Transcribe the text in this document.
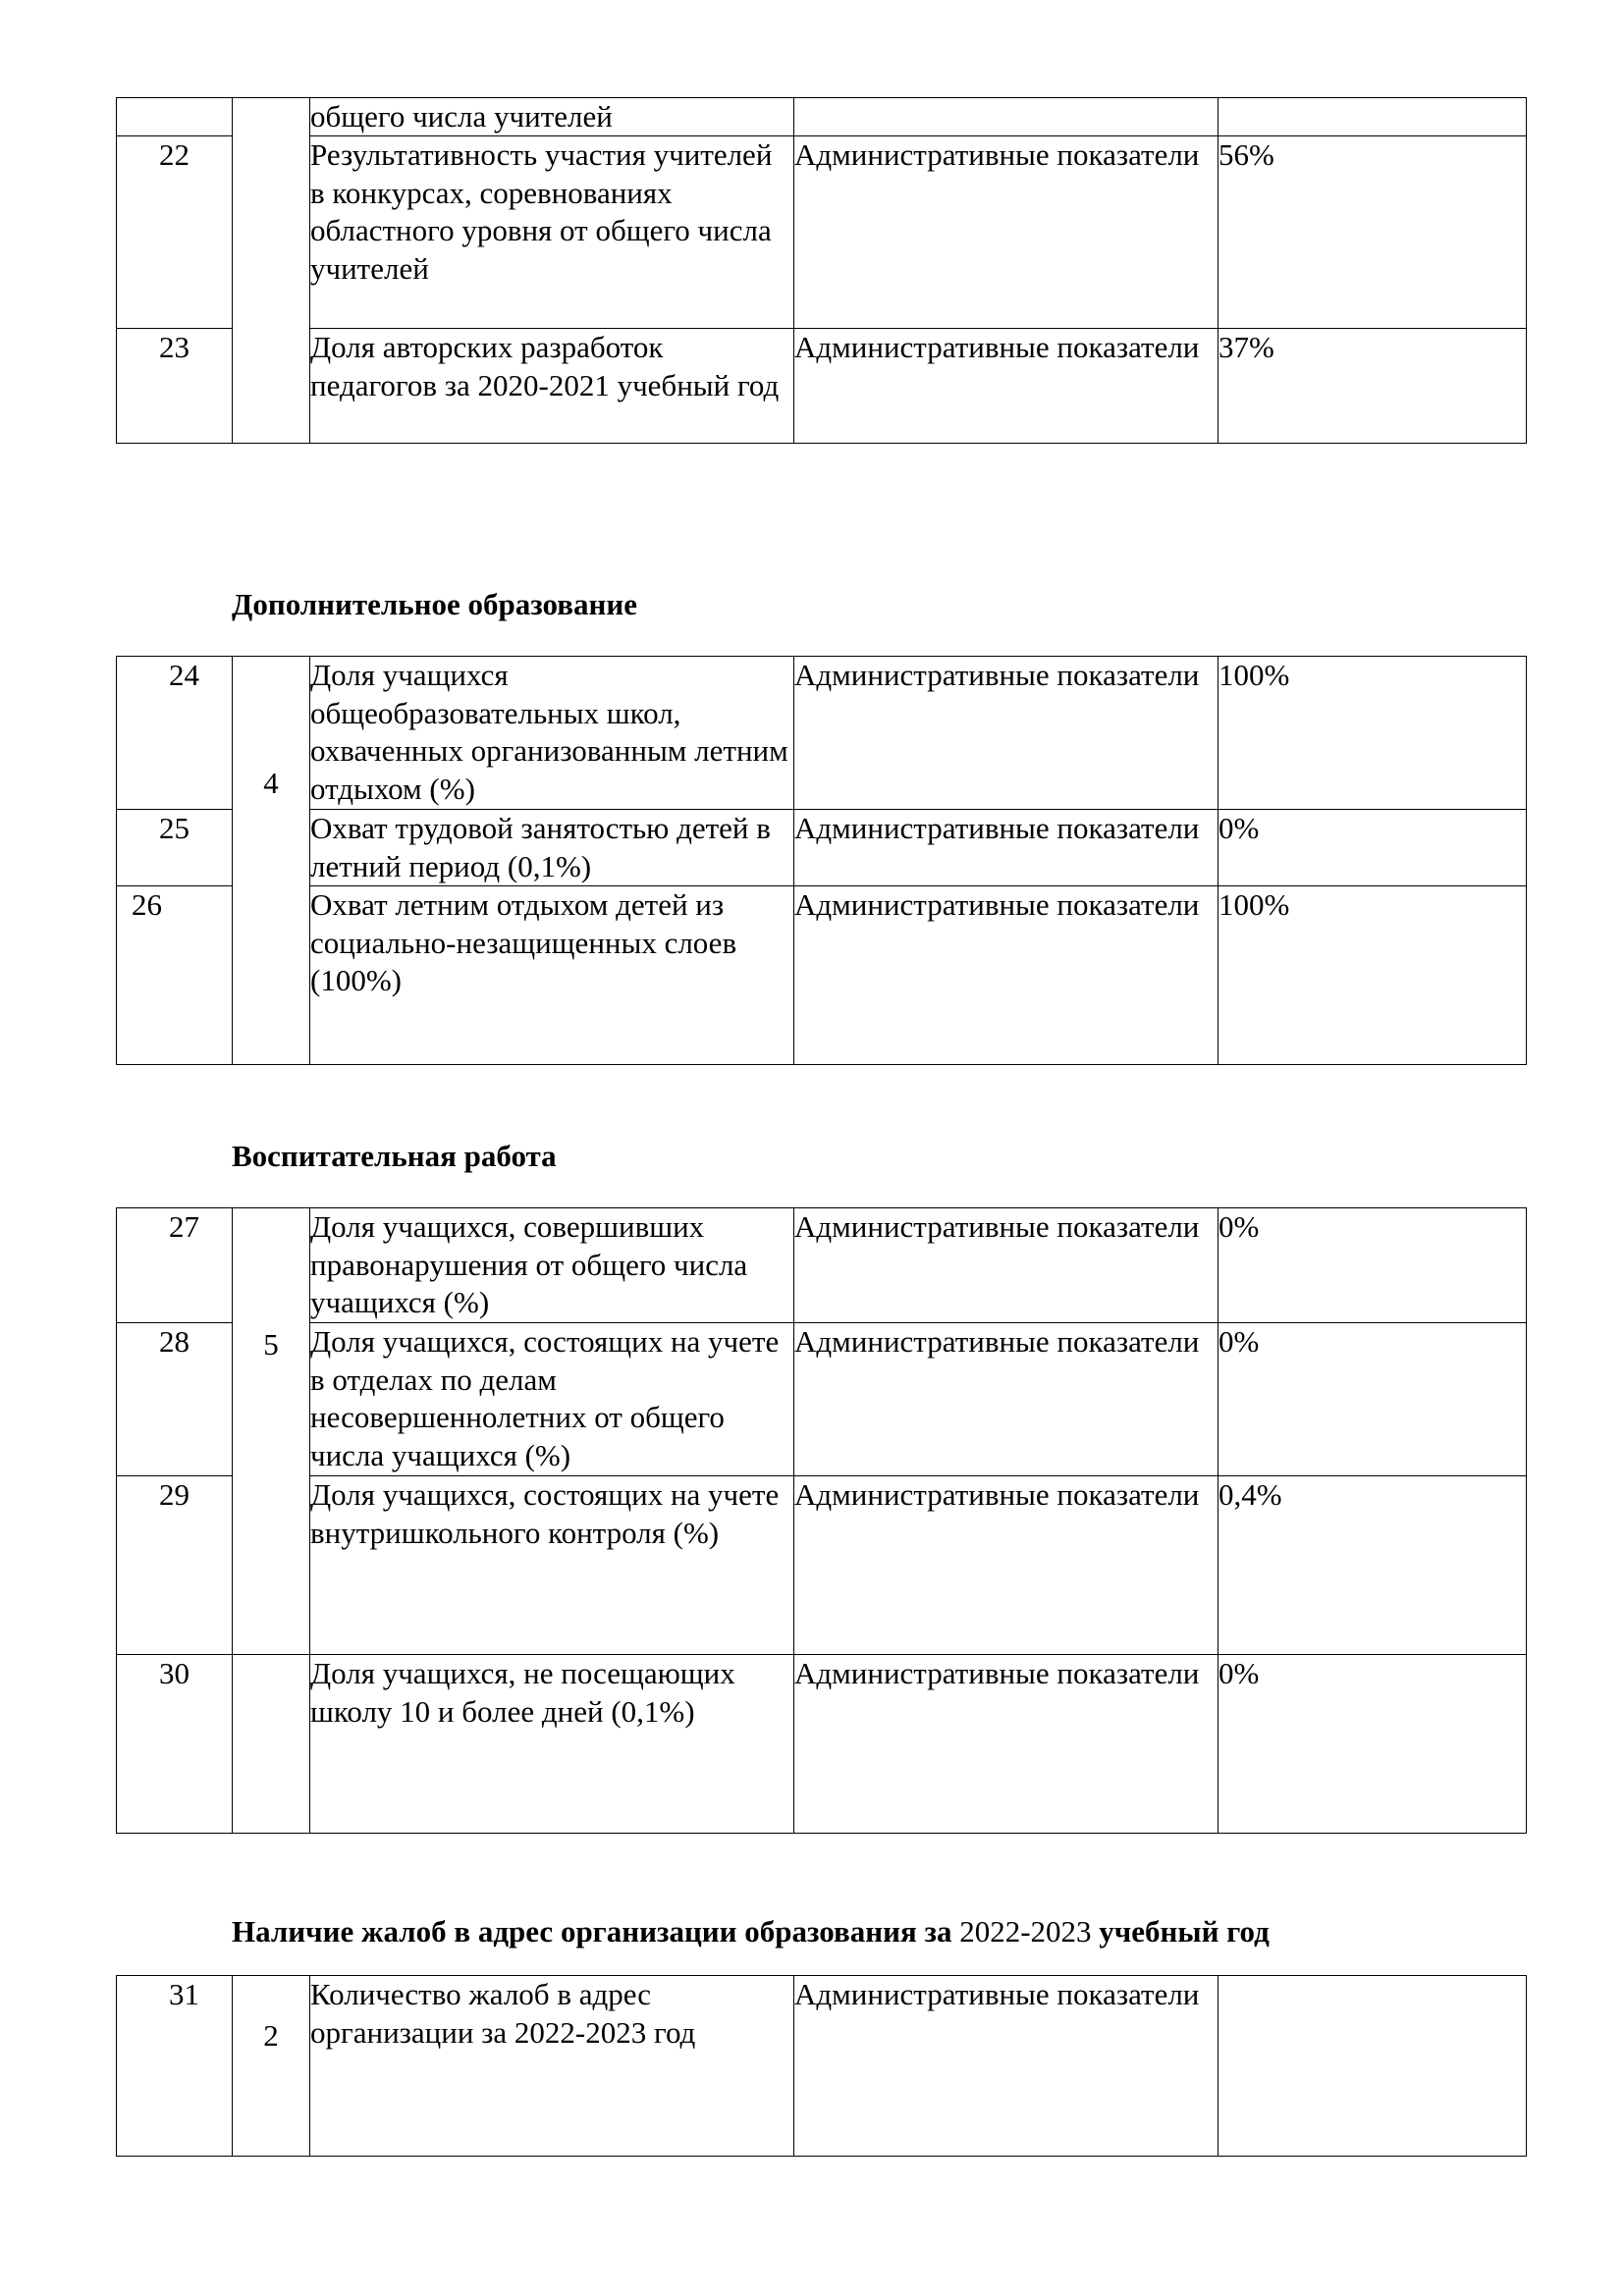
		общего числа учителей		
22		Результативность участия учителей в конкурсах, соревнованиях областного уровня от общего числа учителей	Административные показатели	56%
23		Доля авторских разработок педагогов за 2020-2021 учебный год	Административные показатели	37%
Дополнительное образование
24	4	Доля учащихся общеобразовательных школ, охваченных организованным летним отдыхом (%)	Административные показатели	100%
25		Охват трудовой занятостью детей в летний период (0,1%)	Административные показатели	0%
26		Охват летним отдыхом детей из социально-незащищенных слоев (100%)	Административные показатели	100%
Воспитательная работа
27	5	Доля учащихся, совершивших правонарушения от общего числа учащихся (%)	Административные показатели	0%
28		Доля учащихся, состоящих на учете в отделах по делам несовершеннолетних от общего числа учащихся (%)	Административные показатели	0%
29		Доля учащихся, состоящих на учете внутришкольного контроля (%)	Административные показатели	0,4%
30		Доля учащихся, не посещающих школу 10 и более дней (0,1%)	Административные показатели	0%
Наличие жалоб в адрес организации образования за 2022-2023 учебный год
31	2	Количество жалоб в адрес организации за 2022-2023 год	Административные показатели	
